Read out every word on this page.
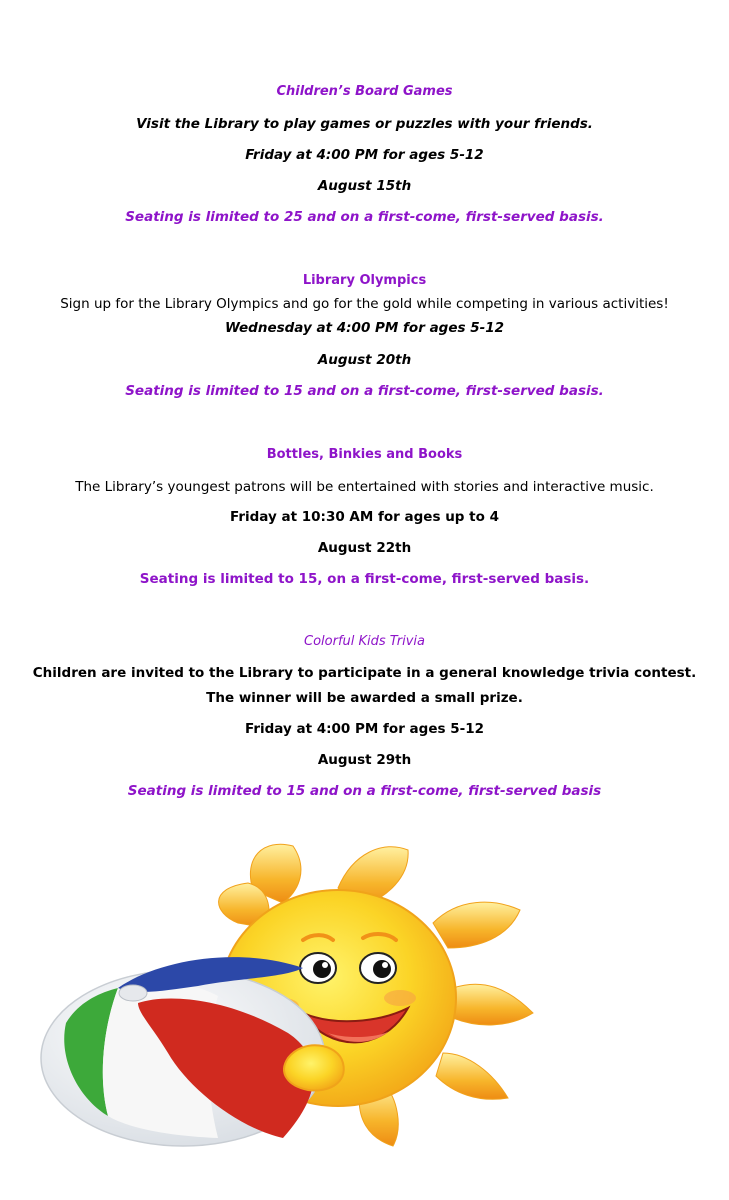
Children’s Board Games
Visit the Library to play games or puzzles with your friends.
Friday at 4:00 PM for ages 5-12
August 15th
Seating is limited to 25 and on a first-come, first-served basis.
Library Olympics
Sign up for the Library Olympics and go for the gold while competing in various activities!
Wednesday at 4:00 PM for ages 5-12
August 20th
Seating is limited to 15 and on a first-come, first-served basis.
Bottles, Binkies and Books
The Library’s youngest patrons will be entertained with stories and interactive music.
Friday at 10:30 AM for ages up to 4
August 22th
Seating is limited to 15, on a first-come, first-served basis.
Colorful Kids Trivia
Children are invited to the Library to participate in a general knowledge trivia contest.
The winner will be awarded a small prize.
Friday at 4:00 PM for ages 5-12
August 29th
Seating is limited to 15 and on a first-come, first-served basis
